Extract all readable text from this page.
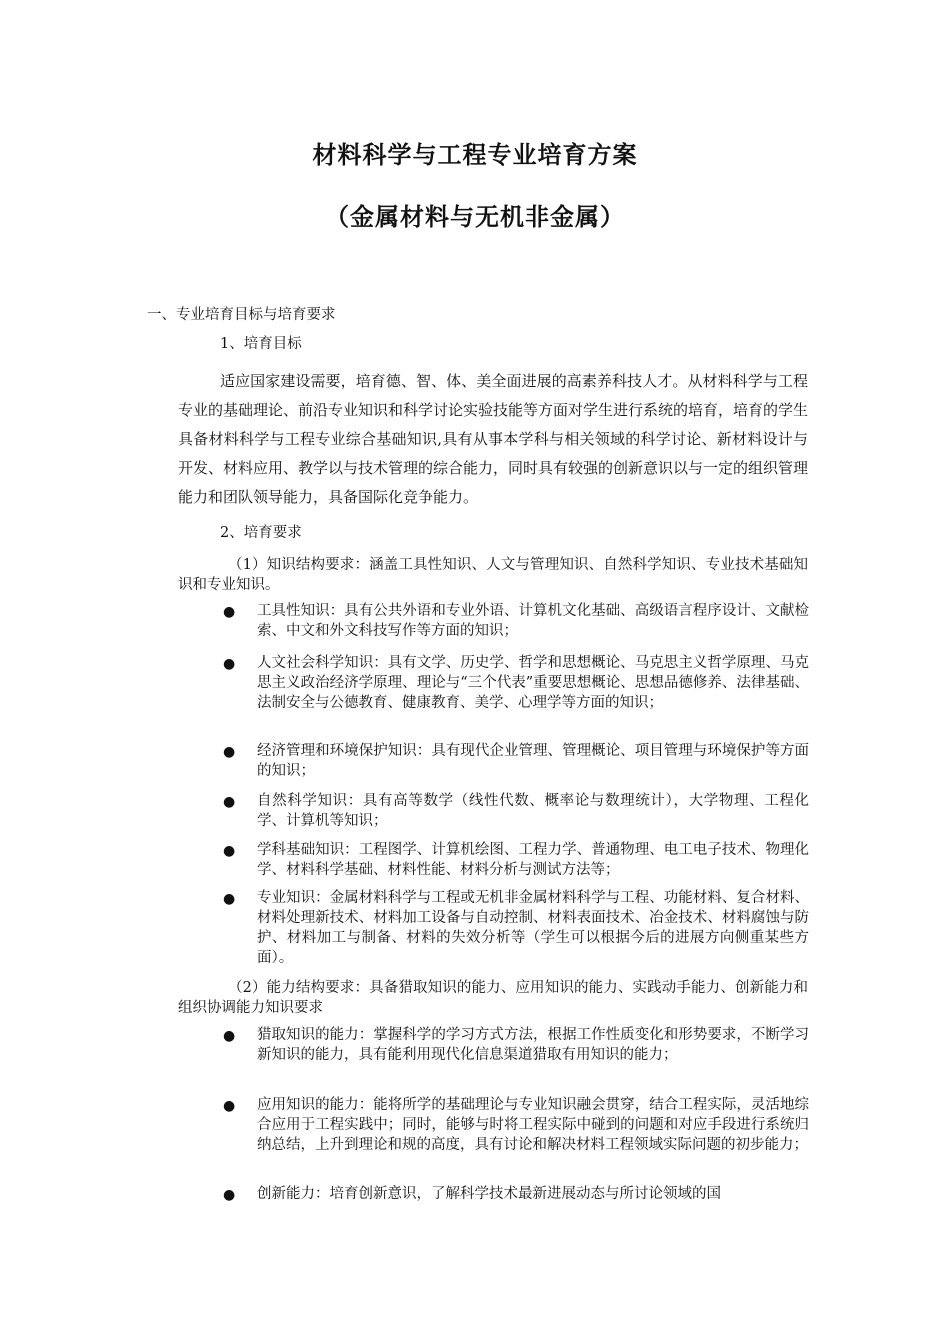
材料科学与工程专业培育方案
（金属材料与无机非金属）
一、专业培育目标与培育要求
1、培育目标
适应国家建设需要，培育德、智、体、美全面进展的高素养科技人才。从材料科学与工程专业的基础理论、前沿专业知识和科学讨论实验技能等方面对学生进行系统的培育，培育的学生具备材料科学与工程专业综合基础知识,具有从事本学科与相关领域的科学讨论、新材料设计与开发、材料应用、教学以与技术管理的综合能力，同时具有较强的创新意识以与一定的组织管理能力和团队领导能力，具备国际化竞争能力。
2、培育要求
（1）知识结构要求：涵盖工具性知识、人文与管理知识、自然科学知识、专业技术基础知识和专业知识。
● 工具性知识：具有公共外语和专业外语、计算机文化基础、高级语言程序设计、文献检索、中文和外文科技写作等方面的知识；
● 人文社会科学知识：具有文学、历史学、哲学和思想概论、马克思主义哲学原理、马克思主义政治经济学原理、理论与“三个代表”重要思想概论、思想品德修养、法律基础、法制安全与公德教育、健康教育、美学、心理学等方面的知识；
● 经济管理和环境保护知识：具有现代企业管理、管理概论、项目管理与环境保护等方面的知识；
● 自然科学知识：具有高等数学（线性代数、概率论与数理统计），大学物理、工程化学、计算机等知识；
● 学科基础知识：工程图学、计算机绘图、工程力学、普通物理、电工电子技术、物理化学、材料科学基础、材料性能、材料分析与测试方法等；
● 专业知识：金属材料科学与工程或无机非金属材料科学与工程、功能材料、复合材料、材料处理新技术、材料加工设备与自动控制、材料表面技术、冶金技术、材料腐蚀与防护、材料加工与制备、材料的失效分析等（学生可以根据今后的进展方向侧重某些方面）。
（2）能力结构要求：具备猎取知识的能力、应用知识的能力、实践动手能力、创新能力和组织协调能力知识要求
● 猎取知识的能力：掌握科学的学习方式方法，根据工作性质变化和形势要求，不断学习新知识的能力，具有能利用现代化信息渠道猎取有用知识的能力；
● 应用知识的能力：能将所学的基础理论与专业知识融会贯穿，结合工程实际，灵活地综合应用于工程实践中；同时，能够与时将工程实际中碰到的问题和对应手段进行系统归纳总结，上升到理论和规的高度，具有讨论和解决材料工程领域实际问题的初步能力；
● 创新能力：培育创新意识，了解科学技术最新进展动态与所讨论领域的国
